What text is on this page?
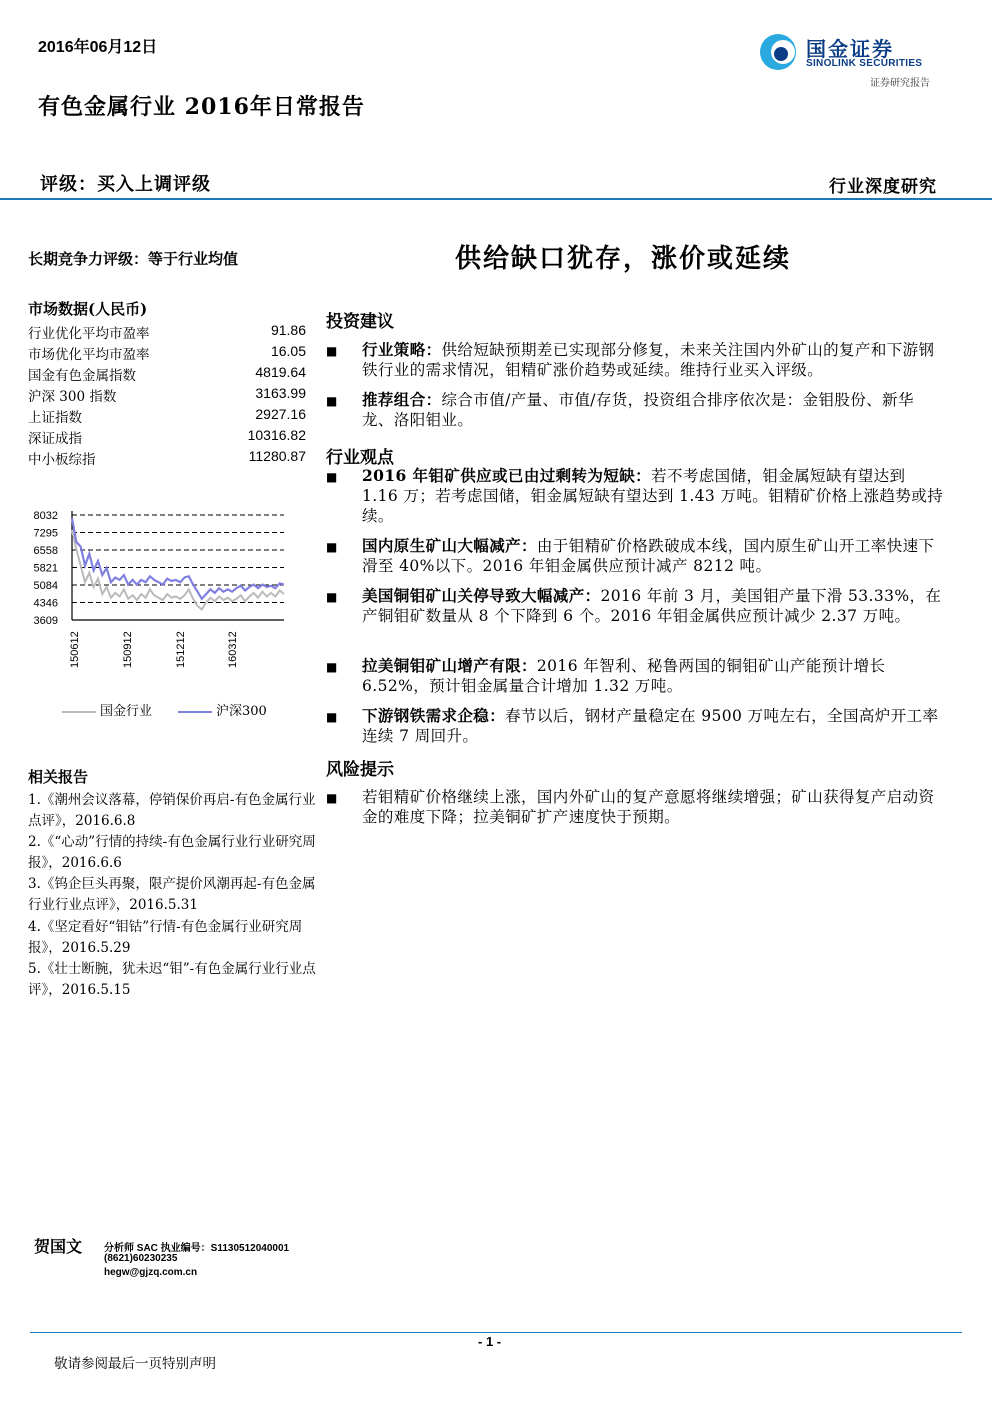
2016年06月12日
有色金属行业 2016年日常报告
国金证券
SINOLINK SECURITIES
证券研究报告
评级：买入上调评级	行业深度研究
长期竞争力评级：等于行业均值	供给缺口犹存，涨价或延续
市场数据(人民币)
行业优化平均市盈率	91.86
市场优化平均市盈率	16.05
国金有色金属指数	4819.64
沪深 300 指数	3163.99
上证指数	2927.16
深证成指	10316.82
中小板综指	11280.87
8032
7295
6558
5821
5084
4346
3609
150612	150912	151212	160312
国金行业	沪深300
相关报告
1.《潮州会议落幕，停销保价再启-有色金属行业点评》，2016.6.8
2.《“心动”行情的持续-有色金属行业行业研究周报》，2016.6.6
3.《钨企巨头再聚，限产提价风潮再起-有色金属行业行业点评》，2016.5.31
4.《坚定看好“钼钴”行情-有色金属行业研究周报》，2016.5.29
5.《壮士断腕，犹未迟“钼”-有色金属行业行业点评》，2016.5.15
投资建议
■ 行业策略：供给短缺预期差已实现部分修复，未来关注国内外矿山的复产和下游钢铁行业的需求情况，钼精矿涨价趋势或延续。维持行业买入评级。
■ 推荐组合：综合市值/产量、市值/存货，投资组合排序依次是：金钼股份、新华龙、洛阳钼业。
行业观点
■ 2016 年钼矿供应或已由过剩转为短缺：若不考虑国储，钼金属短缺有望达到 1.16 万；若考虑国储，钼金属短缺有望达到 1.43 万吨。钼精矿价格上涨趋势或持续。
■ 国内原生矿山大幅减产：由于钼精矿价格跌破成本线，国内原生矿山开工率快速下滑至 40%以下。2016 年钼金属供应预计减产 8212 吨。
■ 美国铜钼矿山关停导致大幅减产：2016 年前 3 月，美国钼产量下滑 53.33%，在产铜钼矿数量从 8 个下降到 6 个。2016 年钼金属供应预计减少 2.37 万吨。
■ 拉美铜钼矿山增产有限：2016 年智利、秘鲁两国的铜钼矿山产能预计增长 6.52%，预计钼金属量合计增加 1.32 万吨。
■ 下游钢铁需求企稳：春节以后，钢材产量稳定在 9500 万吨左右，全国高炉开工率连续 7 周回升。
风险提示
■ 若钼精矿价格继续上涨，国内外矿山的复产意愿将继续增强；矿山获得复产启动资金的难度下降；拉美铜矿扩产速度快于预期。
贺国文 分析师 SAC 执业编号：S1130512040001
(8621)60230235
hegw@gjzq.com.cn
- 1 -
敬请参阅最后一页特别声明
